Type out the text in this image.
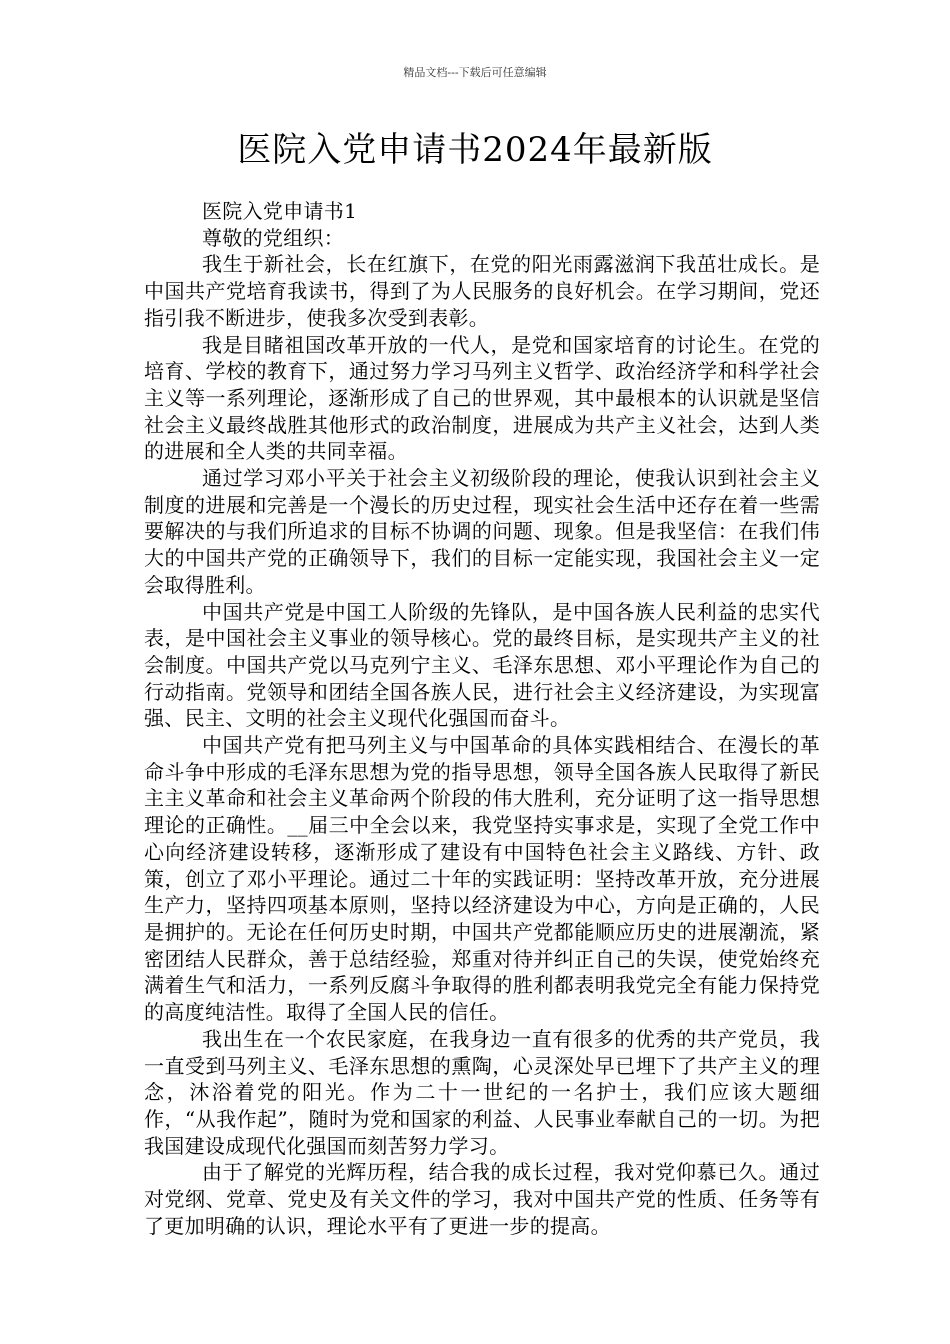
精品文档---下载后可任意编辑
医院入党申请书2024年最新版

医院入党申请书1

尊敬的党组织：

我生于新社会，长在红旗下，在党的阳光雨露滋润下我茁壮成长。是中国共产党培育我读书，得到了为人民服务的良好机会。在学习期间，党还指引我不断进步，使我多次受到表彰。

我是目睹祖国改革开放的一代人，是党和国家培育的讨论生。在党的培育、学校的教育下，通过努力学习马列主义哲学、政治经济学和科学社会主义等一系列理论，逐渐形成了自己的世界观，其中最根本的认识就是坚信社会主义最终战胜其他形式的政治制度，进展成为共产主义社会，达到人类的进展和全人类的共同幸福。

通过学习邓小平关于社会主义初级阶段的理论，使我认识到社会主义制度的进展和完善是一个漫长的历史过程，现实社会生活中还存在着一些需要解决的与我们所追求的目标不协调的问题、现象。但是我坚信：在我们伟大的中国共产党的正确领导下，我们的目标一定能实现，我国社会主义一定会取得胜利。

中国共产党是中国工人阶级的先锋队，是中国各族人民利益的忠实代表，是中国社会主义事业的领导核心。党的最终目标，是实现共产主义的社会制度。中国共产党以马克列宁主义、毛泽东思想、邓小平理论作为自己的行动指南。党领导和团结全国各族人民，进行社会主义经济建设，为实现富强、民主、文明的社会主义现代化强国而奋斗。

中国共产党有把马列主义与中国革命的具体实践相结合、在漫长的革命斗争中形成的毛泽东思想为党的指导思想，领导全国各族人民取得了新民主主义革命和社会主义革命两个阶段的伟大胜利，充分证明了这一指导思想理论的正确性。__届三中全会以来，我党坚持实事求是，实现了全党工作中心向经济建设转移，逐渐形成了建设有中国特色社会主义路线、方针、政策，创立了邓小平理论。通过二十年的实践证明：坚持改革开放，充分进展生产力，坚持四项基本原则，坚持以经济建设为中心，方向是正确的，人民是拥护的。无论在任何历史时期，中国共产党都能顺应历史的进展潮流，紧密团结人民群众，善于总结经验，郑重对待并纠正自己的失误，使党始终充满着生气和活力，一系列反腐斗争取得的胜利都表明我党完全有能力保持党的高度纯洁性。取得了全国人民的信任。

我出生在一个农民家庭，在我身边一直有很多的优秀的共产党员，我一直受到马列主义、毛泽东思想的熏陶，心灵深处早已埋下了共产主义的理念，沐浴着党的阳光。作为二十一世纪的一名护士，我们应该大题细作，“从我作起”，随时为党和国家的利益、人民事业奉献自己的一切。为把我国建设成现代化强国而刻苦努力学习。

由于了解党的光辉历程，结合我的成长过程，我对党仰慕已久。通过对党纲、党章、党史及有关文件的学习，我对中国共产党的性质、任务等有了更加明确的认识，理论水平有了更进一步的提高。
